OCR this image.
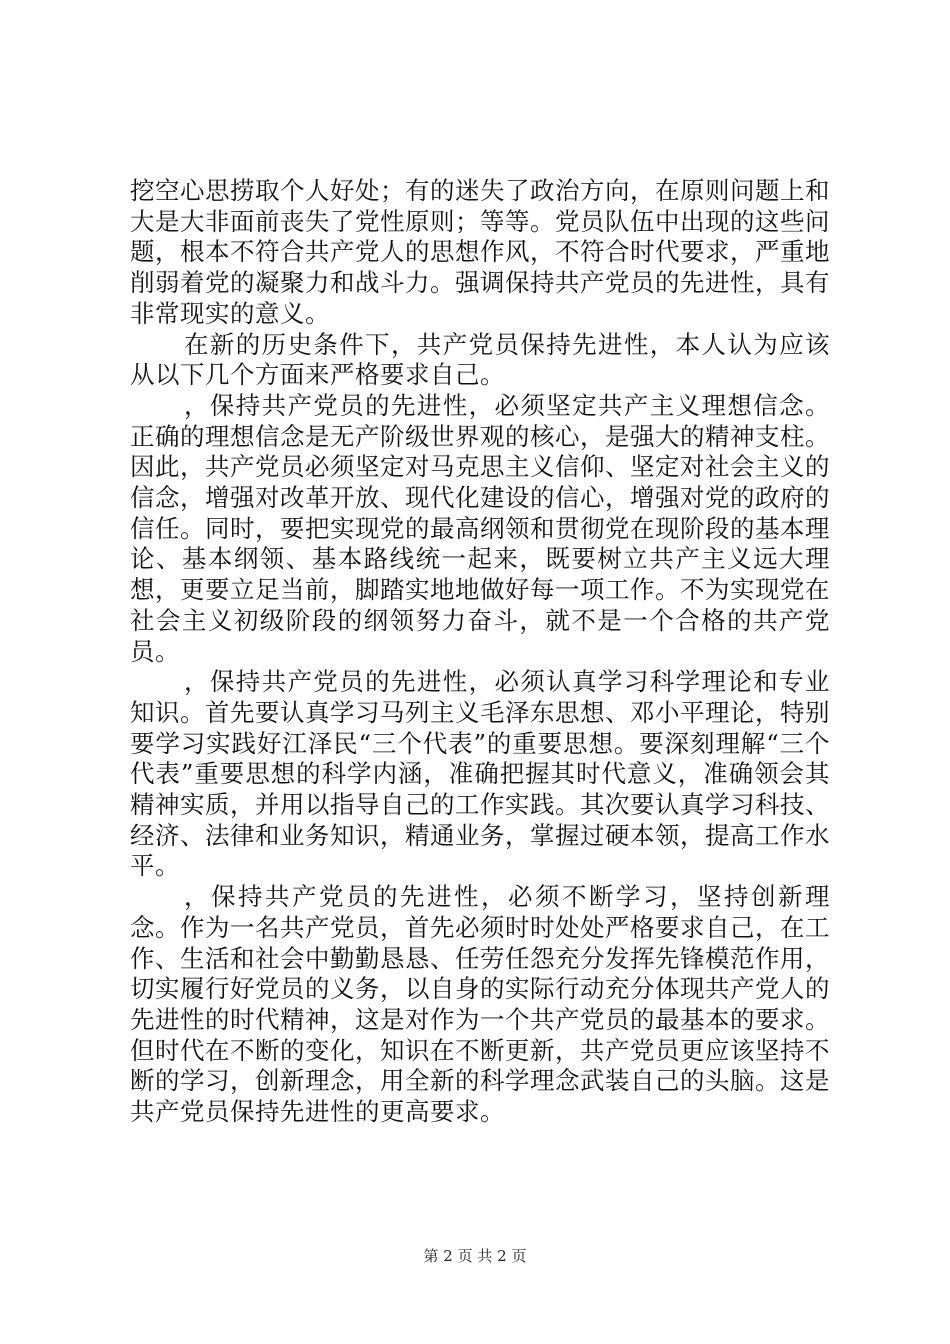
挖空心思捞取个人好处；有的迷失了政治方向，在原则问题上和大是大非面前丧失了党性原则；等等。党员队伍中出现的这些问题，根本不符合共产党人的思想作风，不符合时代要求，严重地削弱着党的凝聚力和战斗力。强调保持共产党员的先进性，具有非常现实的意义。

在新的历史条件下，共产党员保持先进性，本人认为应该从以下几个方面来严格要求自己。

，保持共产党员的先进性，必须坚定共产主义理想信念。正确的理想信念是无产阶级世界观的核心，是强大的精神支柱。因此，共产党员必须坚定对马克思主义信仰、坚定对社会主义的信念，增强对改革开放、现代化建设的信心，增强对党的政府的信任。同时，要把实现党的最高纲领和贯彻党在现阶段的基本理论、基本纲领、基本路线统一起来，既要树立共产主义远大理想，更要立足当前，脚踏实地地做好每一项工作。不为实现党在社会主义初级阶段的纲领努力奋斗，就不是一个合格的共产党员。

，保持共产党员的先进性，必须认真学习科学理论和专业知识。首先要认真学习马列主义毛泽东思想、邓小平理论，特别要学习实践好江泽民“三个代表”的重要思想。要深刻理解“三个代表”重要思想的科学内涵，准确把握其时代意义，准确领会其精神实质，并用以指导自己的工作实践。其次要认真学习科技、经济、法律和业务知识，精通业务，掌握过硬本领，提高工作水平。

，保持共产党员的先进性，必须不断学习，坚持创新理念。作为一名共产党员，首先必须时时处处严格要求自己，在工作、生活和社会中勤勤恳恳、任劳任怨充分发挥先锋模范作用，切实履行好党员的义务，以自身的实际行动充分体现共产党人的先进性的时代精神，这是对作为一个共产党员的最基本的要求。但时代在不断的变化，知识在不断更新，共产党员更应该坚持不断的学习，创新理念，用全新的科学理念武装自己的头脑。这是共产党员保持先进性的更高要求。

第 2 页 共 2 页
